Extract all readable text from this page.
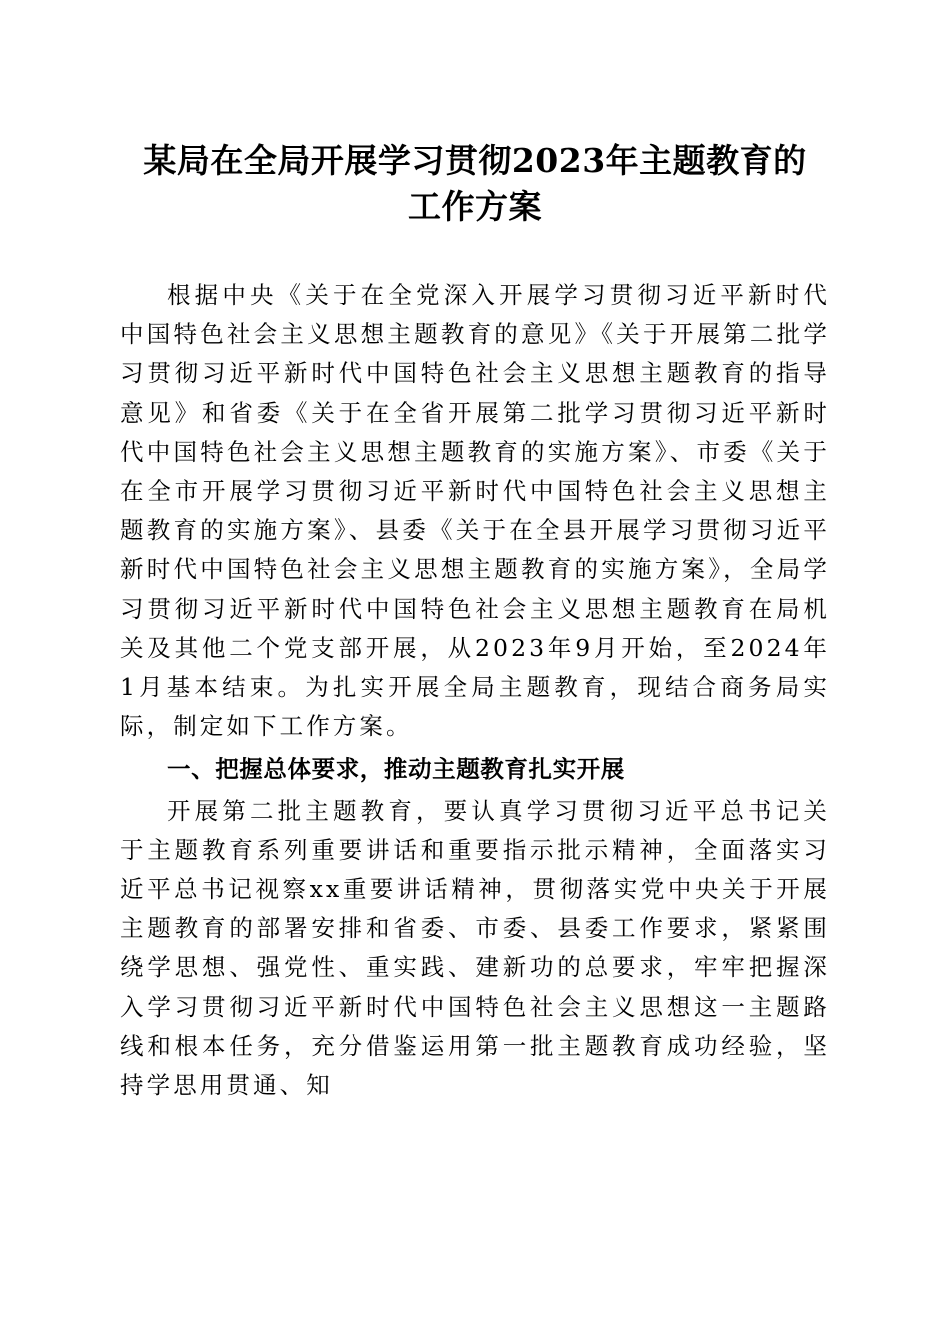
某局在全局开展学习贯彻2023年主题教育的
工作方案

根据中央《关于在全党深入开展学习贯彻习近平新时代中国特色社会主义思想主题教育的意见》《关于开展第二批学习贯彻习近平新时代中国特色社会主义思想主题教育的指导意见》和省委《关于在全省开展第二批学习贯彻习近平新时代中国特色社会主义思想主题教育的实施方案》、市委《关于在全市开展学习贯彻习近平新时代中国特色社会主义思想主题教育的实施方案》、县委《关于在全县开展学习贯彻习近平新时代中国特色社会主义思想主题教育的实施方案》，全局学习贯彻习近平新时代中国特色社会主义思想主题教育在局机关及其他二个党支部开展，从2023年9月开始，至2024年1月基本结束。为扎实开展全局主题教育，现结合商务局实际，制定如下工作方案。

一、把握总体要求，推动主题教育扎实开展

开展第二批主题教育，要认真学习贯彻习近平总书记关于主题教育系列重要讲话和重要指示批示精神，全面落实习近平总书记视察xx重要讲话精神，贯彻落实党中央关于开展主题教育的部署安排和省委、市委、县委工作要求，紧紧围绕学思想、强党性、重实践、建新功的总要求，牢牢把握深入学习贯彻习近平新时代中国特色社会主义思想这一主题路线和根本任务，充分借鉴运用第一批主题教育成功经验，坚持学思用贯通、知
